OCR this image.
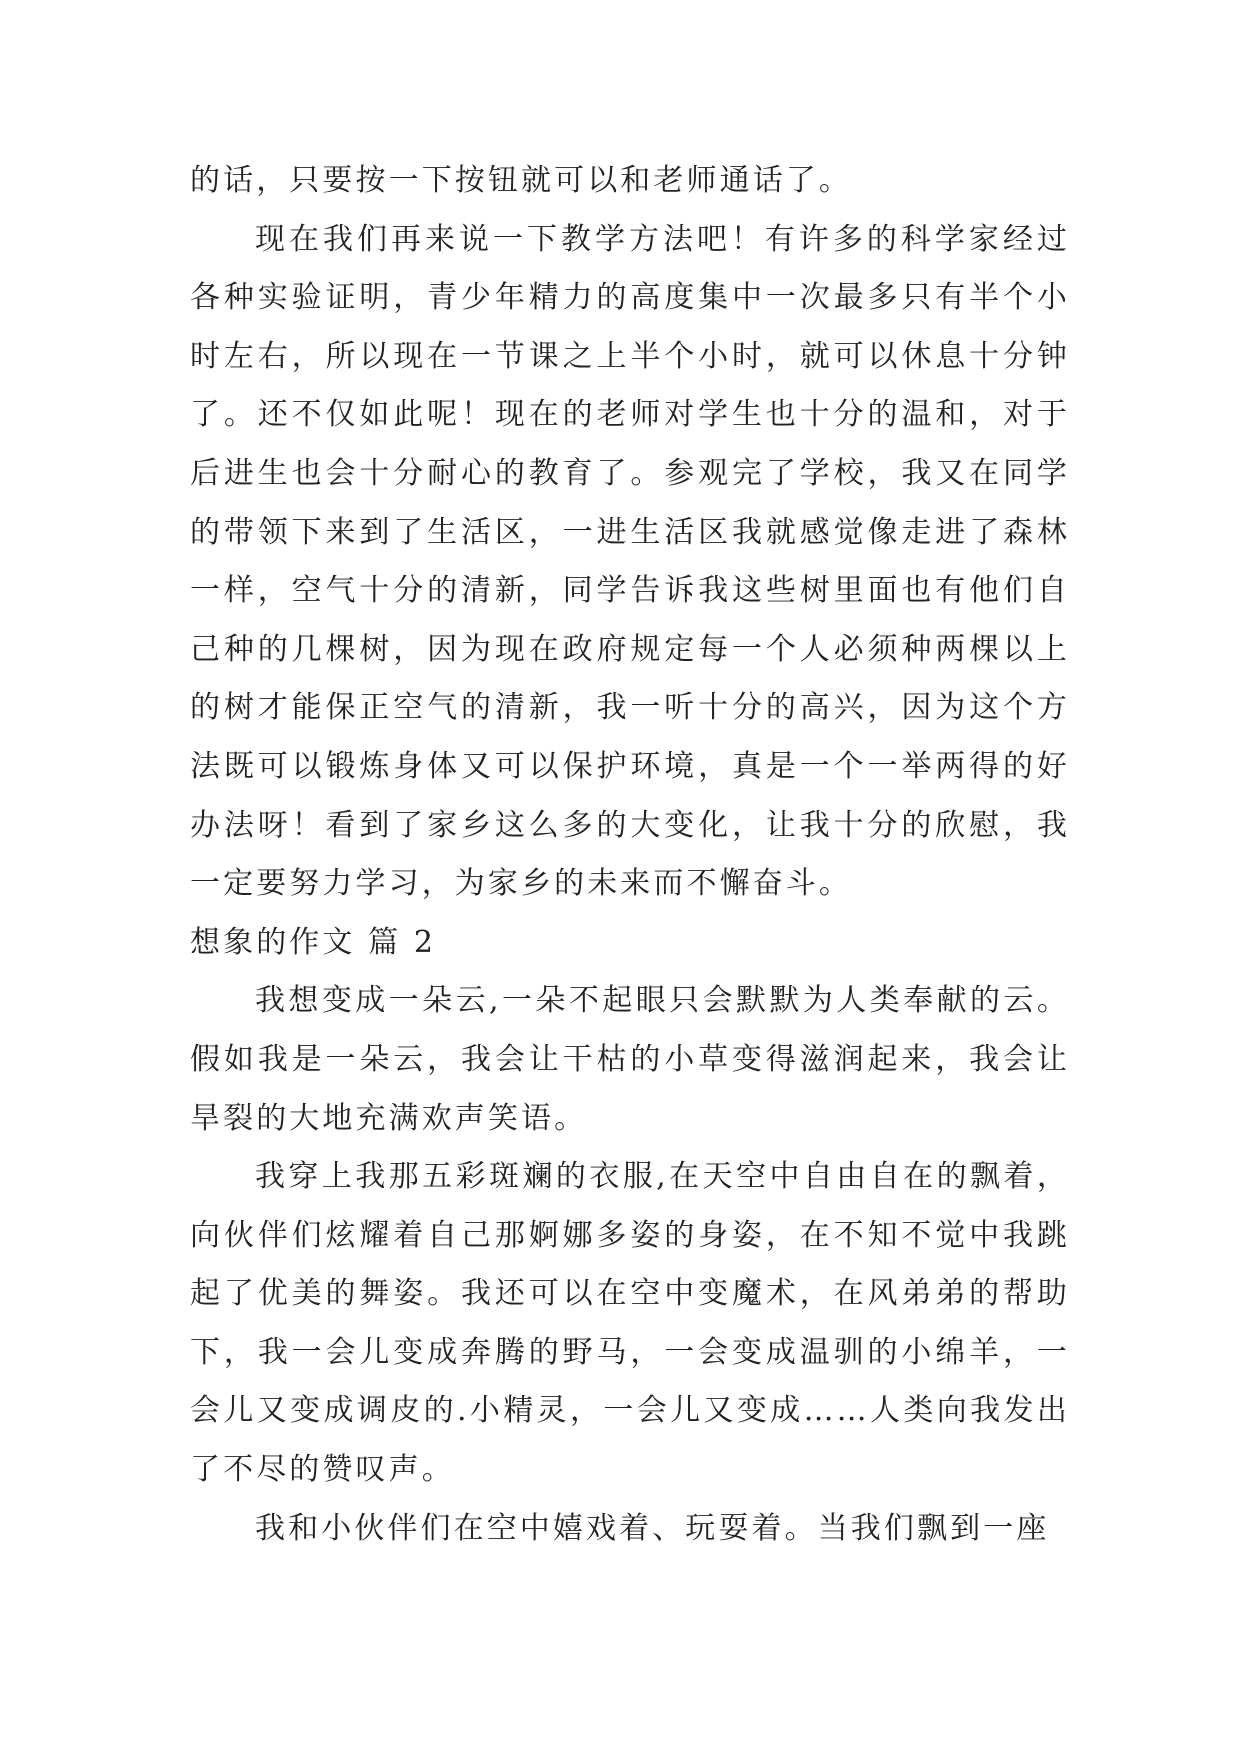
的话，只要按一下按钮就可以和老师通话了。

现在我们再来说一下教学方法吧！有许多的科学家经过各种实验证明，青少年精力的高度集中一次最多只有半个小时左右，所以现在一节课之上半个小时，就可以休息十分钟了。还不仅如此呢！现在的老师对学生也十分的温和，对于后进生也会十分耐心的教育了。参观完了学校，我又在同学的带领下来到了生活区，一进生活区我就感觉像走进了森林一样，空气十分的清新，同学告诉我这些树里面也有他们自己种的几棵树，因为现在政府规定每一个人必须种两棵以上的树才能保正空气的清新，我一听十分的高兴，因为这个方法既可以锻炼身体又可以保护环境，真是一个一举两得的好办法呀！看到了家乡这么多的大变化，让我十分的欣慰，我一定要努力学习，为家乡的未来而不懈奋斗。

想象的作文 篇 2

我想变成一朵云,一朵不起眼只会默默为人类奉献的云。假如我是一朵云，我会让干枯的小草变得滋润起来，我会让旱裂的大地充满欢声笑语。

我穿上我那五彩斑斓的衣服,在天空中自由自在的飘着，向伙伴们炫耀着自己那婀娜多姿的身姿，在不知不觉中我跳起了优美的舞姿。我还可以在空中变魔术，在风弟弟的帮助下，我一会儿变成奔腾的野马，一会变成温驯的小绵羊，一会儿又变成调皮的.小精灵，一会儿又变成……人类向我发出了不尽的赞叹声。

我和小伙伴们在空中嬉戏着、玩耍着。当我们飘到一座
